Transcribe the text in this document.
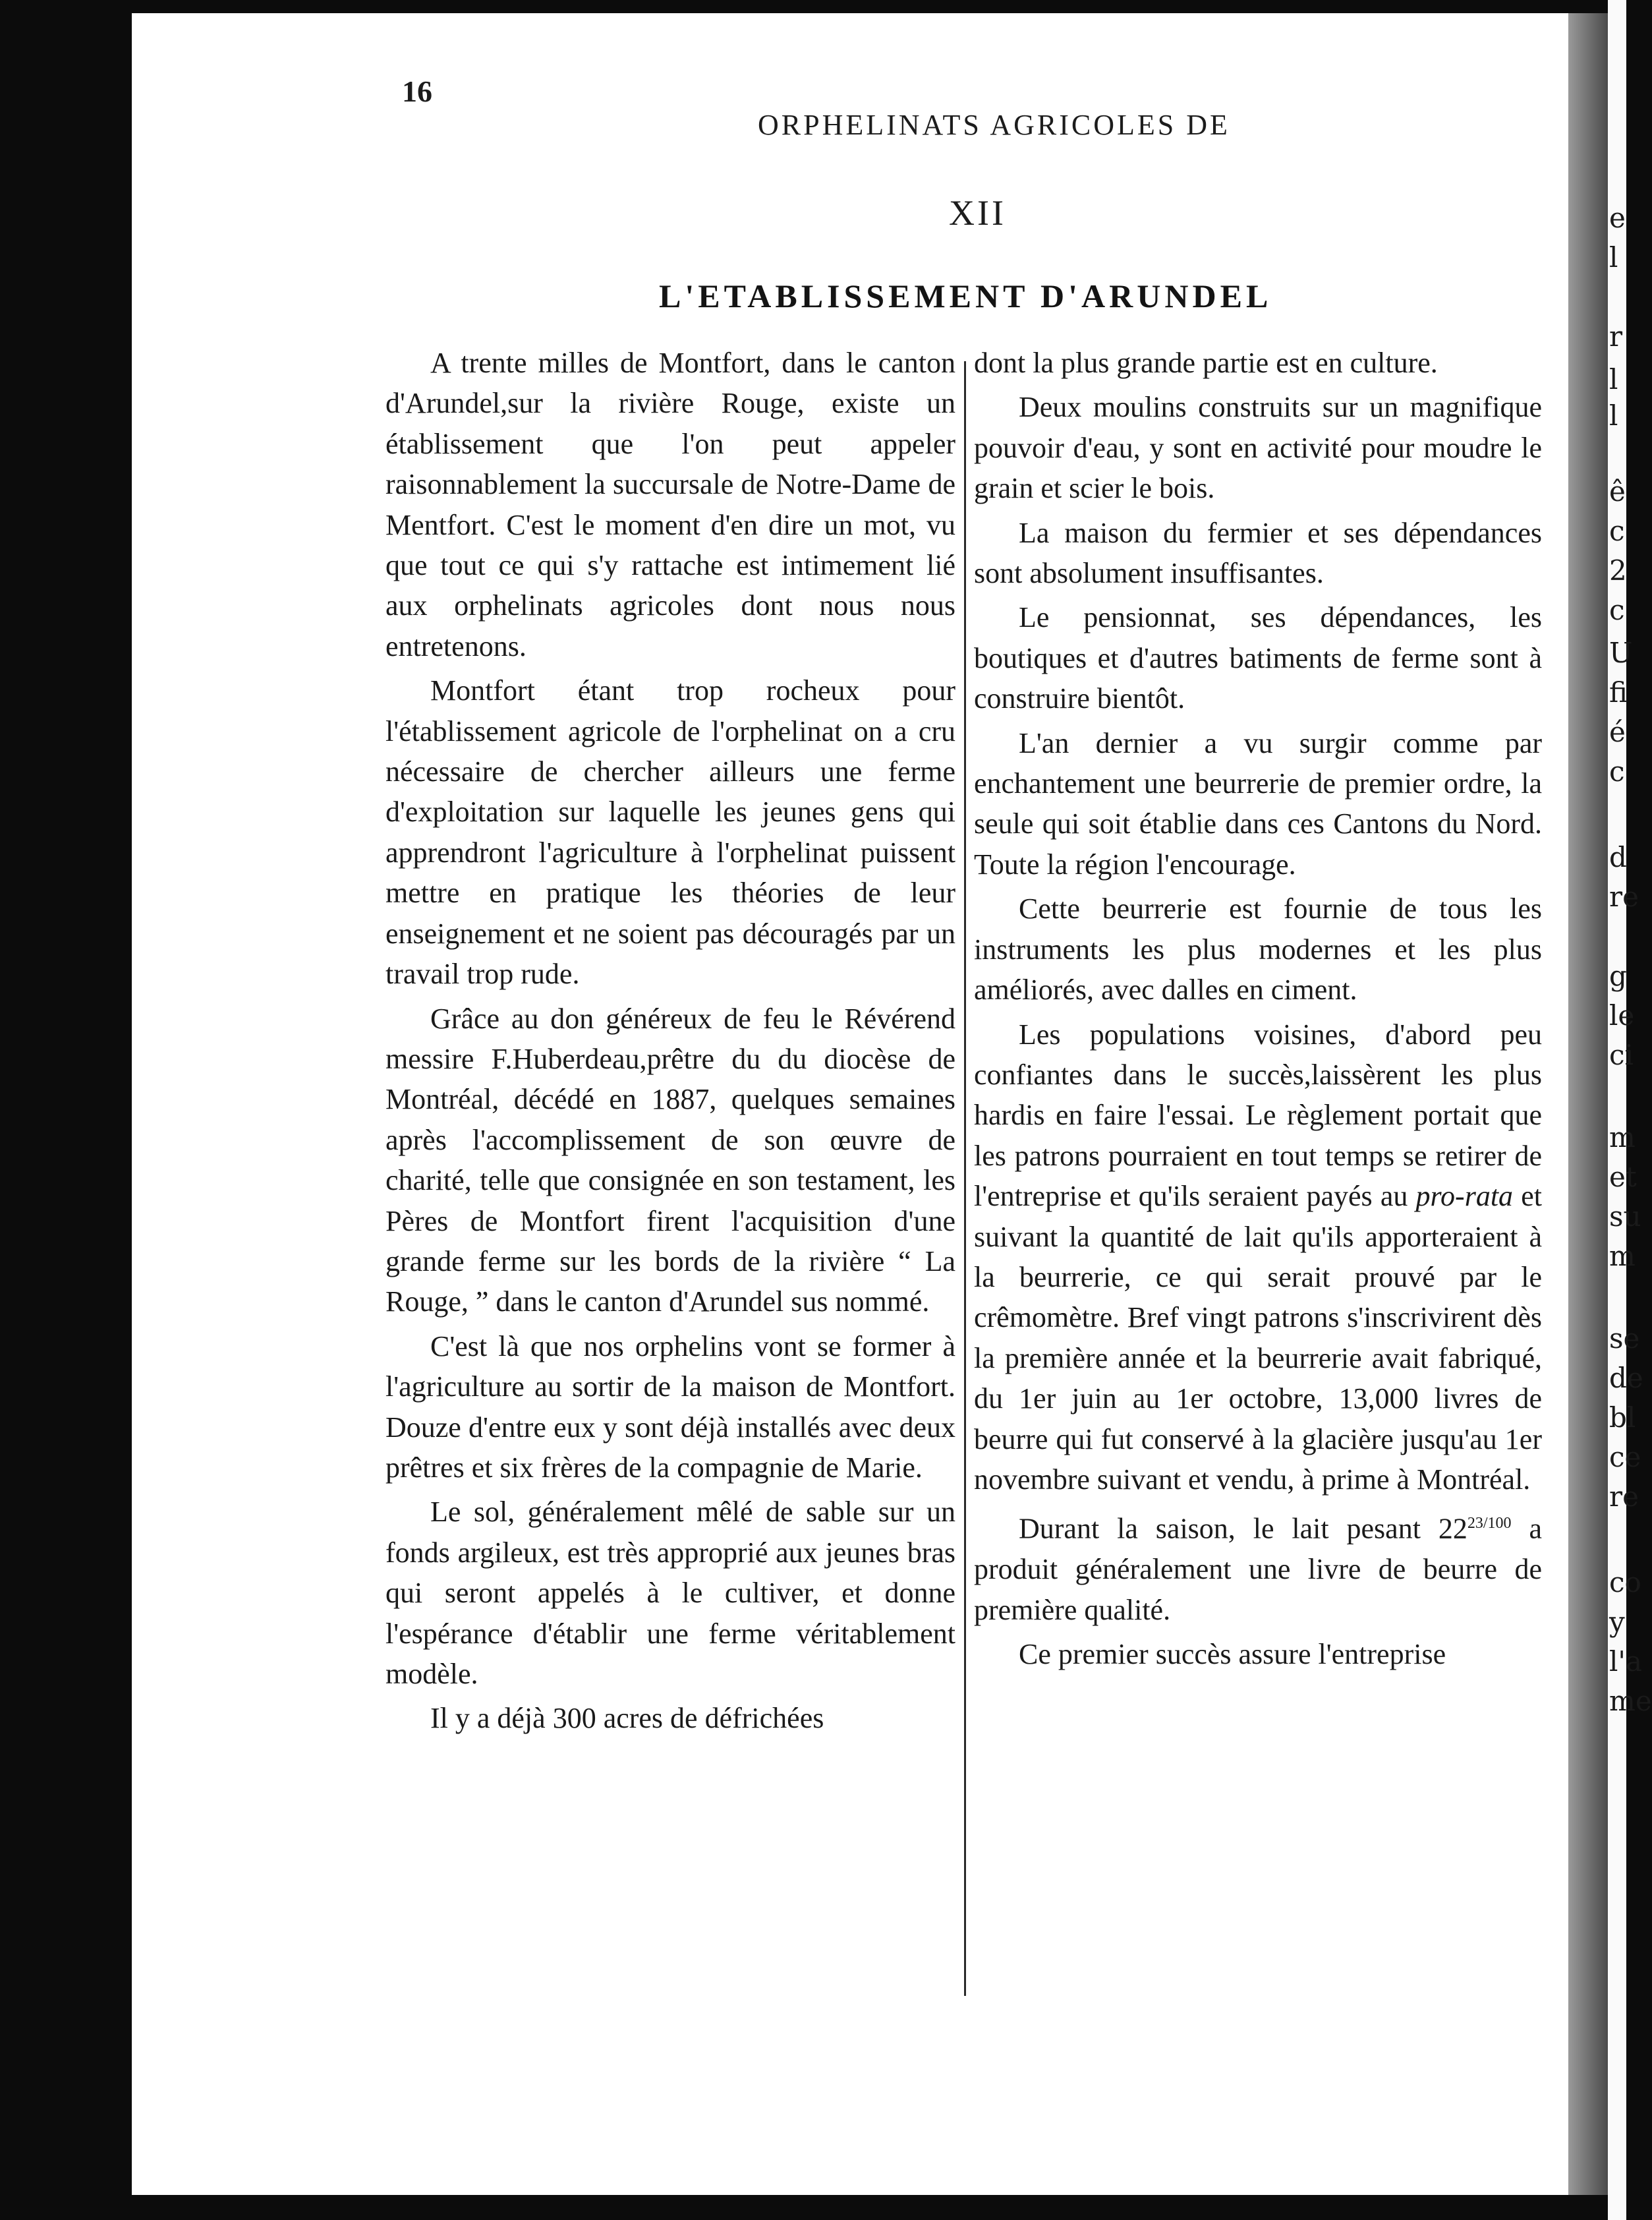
e
l
r
l
l
ê
c
2
c
U
fi
é
c
d
re
g
le
ci
m
et
su
m
se
de
bl
ce
re
co
y
l'a
me
16
ORPHELINATS AGRICOLES DE
XII
L'ETABLISSEMENT D'ARUNDEL

A trente milles de Montfort, dans le canton d'Arundel,sur la rivière Rouge, existe un établissement que l'on peut appeler raisonnablement la succursale de Notre-Dame de Mentfort. C'est le moment d'en dire un mot, vu que tout ce qui s'y rattache est intimement lié aux orphelinats agricoles dont nous nous entretenons.

Montfort étant trop rocheux pour l'établissement agricole de l'orphelinat on a cru nécessaire de chercher ailleurs une ferme d'exploitation sur laquelle les jeunes gens qui apprendront l'agriculture à l'orphelinat puissent mettre en pratique les théories de leur enseignement et ne soient pas découragés par un travail trop rude.

Grâce au don généreux de feu le Révérend messire F.Huberdeau,prêtre du du diocèse de Montréal, décédé en 1887, quelques semaines après l'accomplissement de son œuvre de charité, telle que consignée en son testament, les Pères de Montfort firent l'acquisition d'une grande ferme sur les bords de la rivière “ La Rouge, ” dans le canton d'Arundel sus nommé.

C'est là que nos orphelins vont se former à l'agriculture au sortir de la maison de Montfort. Douze d'entre eux y sont déjà installés avec deux prêtres et six frères de la compagnie de Marie.

Le sol, généralement mêlé de sable sur un fonds argileux, est très approprié aux jeunes bras qui seront appelés à le cultiver, et donne l'espérance d'établir une ferme véritablement modèle.

Il y a déjà 300 acres de défrichées

dont la plus grande partie est en culture.

Deux moulins construits sur un magnifique pouvoir d'eau, y sont en activité pour moudre le grain et scier le bois.

La maison du fermier et ses dépendances sont absolument insuffisantes.

Le pensionnat, ses dépendances, les boutiques et d'autres batiments de ferme sont à construire bientôt.

L'an dernier a vu surgir comme par enchantement une beurrerie de premier ordre, la seule qui soit établie dans ces Cantons du Nord. Toute la région l'encourage.

Cette beurrerie est fournie de tous les instruments les plus modernes et les plus améliorés, avec dalles en ciment.

Les populations voisines, d'abord peu confiantes dans le succès,laissèrent les plus hardis en faire l'essai. Le règlement portait que les patrons pourraient en tout temps se retirer de l'entreprise et qu'ils seraient payés au pro-rata et suivant la quantité de lait qu'ils apporteraient à la beurrerie, ce qui serait prouvé par le crêmomètre. Bref vingt patrons s'inscrivirent dès la première année et la beurrerie avait fabriqué, du 1er juin au 1er octobre, 13,000 livres de beurre qui fut conservé à la glacière jusqu'au 1er novembre suivant et vendu, à prime à Montréal.

Durant la saison, le lait pesant $22^{23/100}$ a produit généralement une livre de beurre de première qualité.

Ce premier succès assure l'entreprise
